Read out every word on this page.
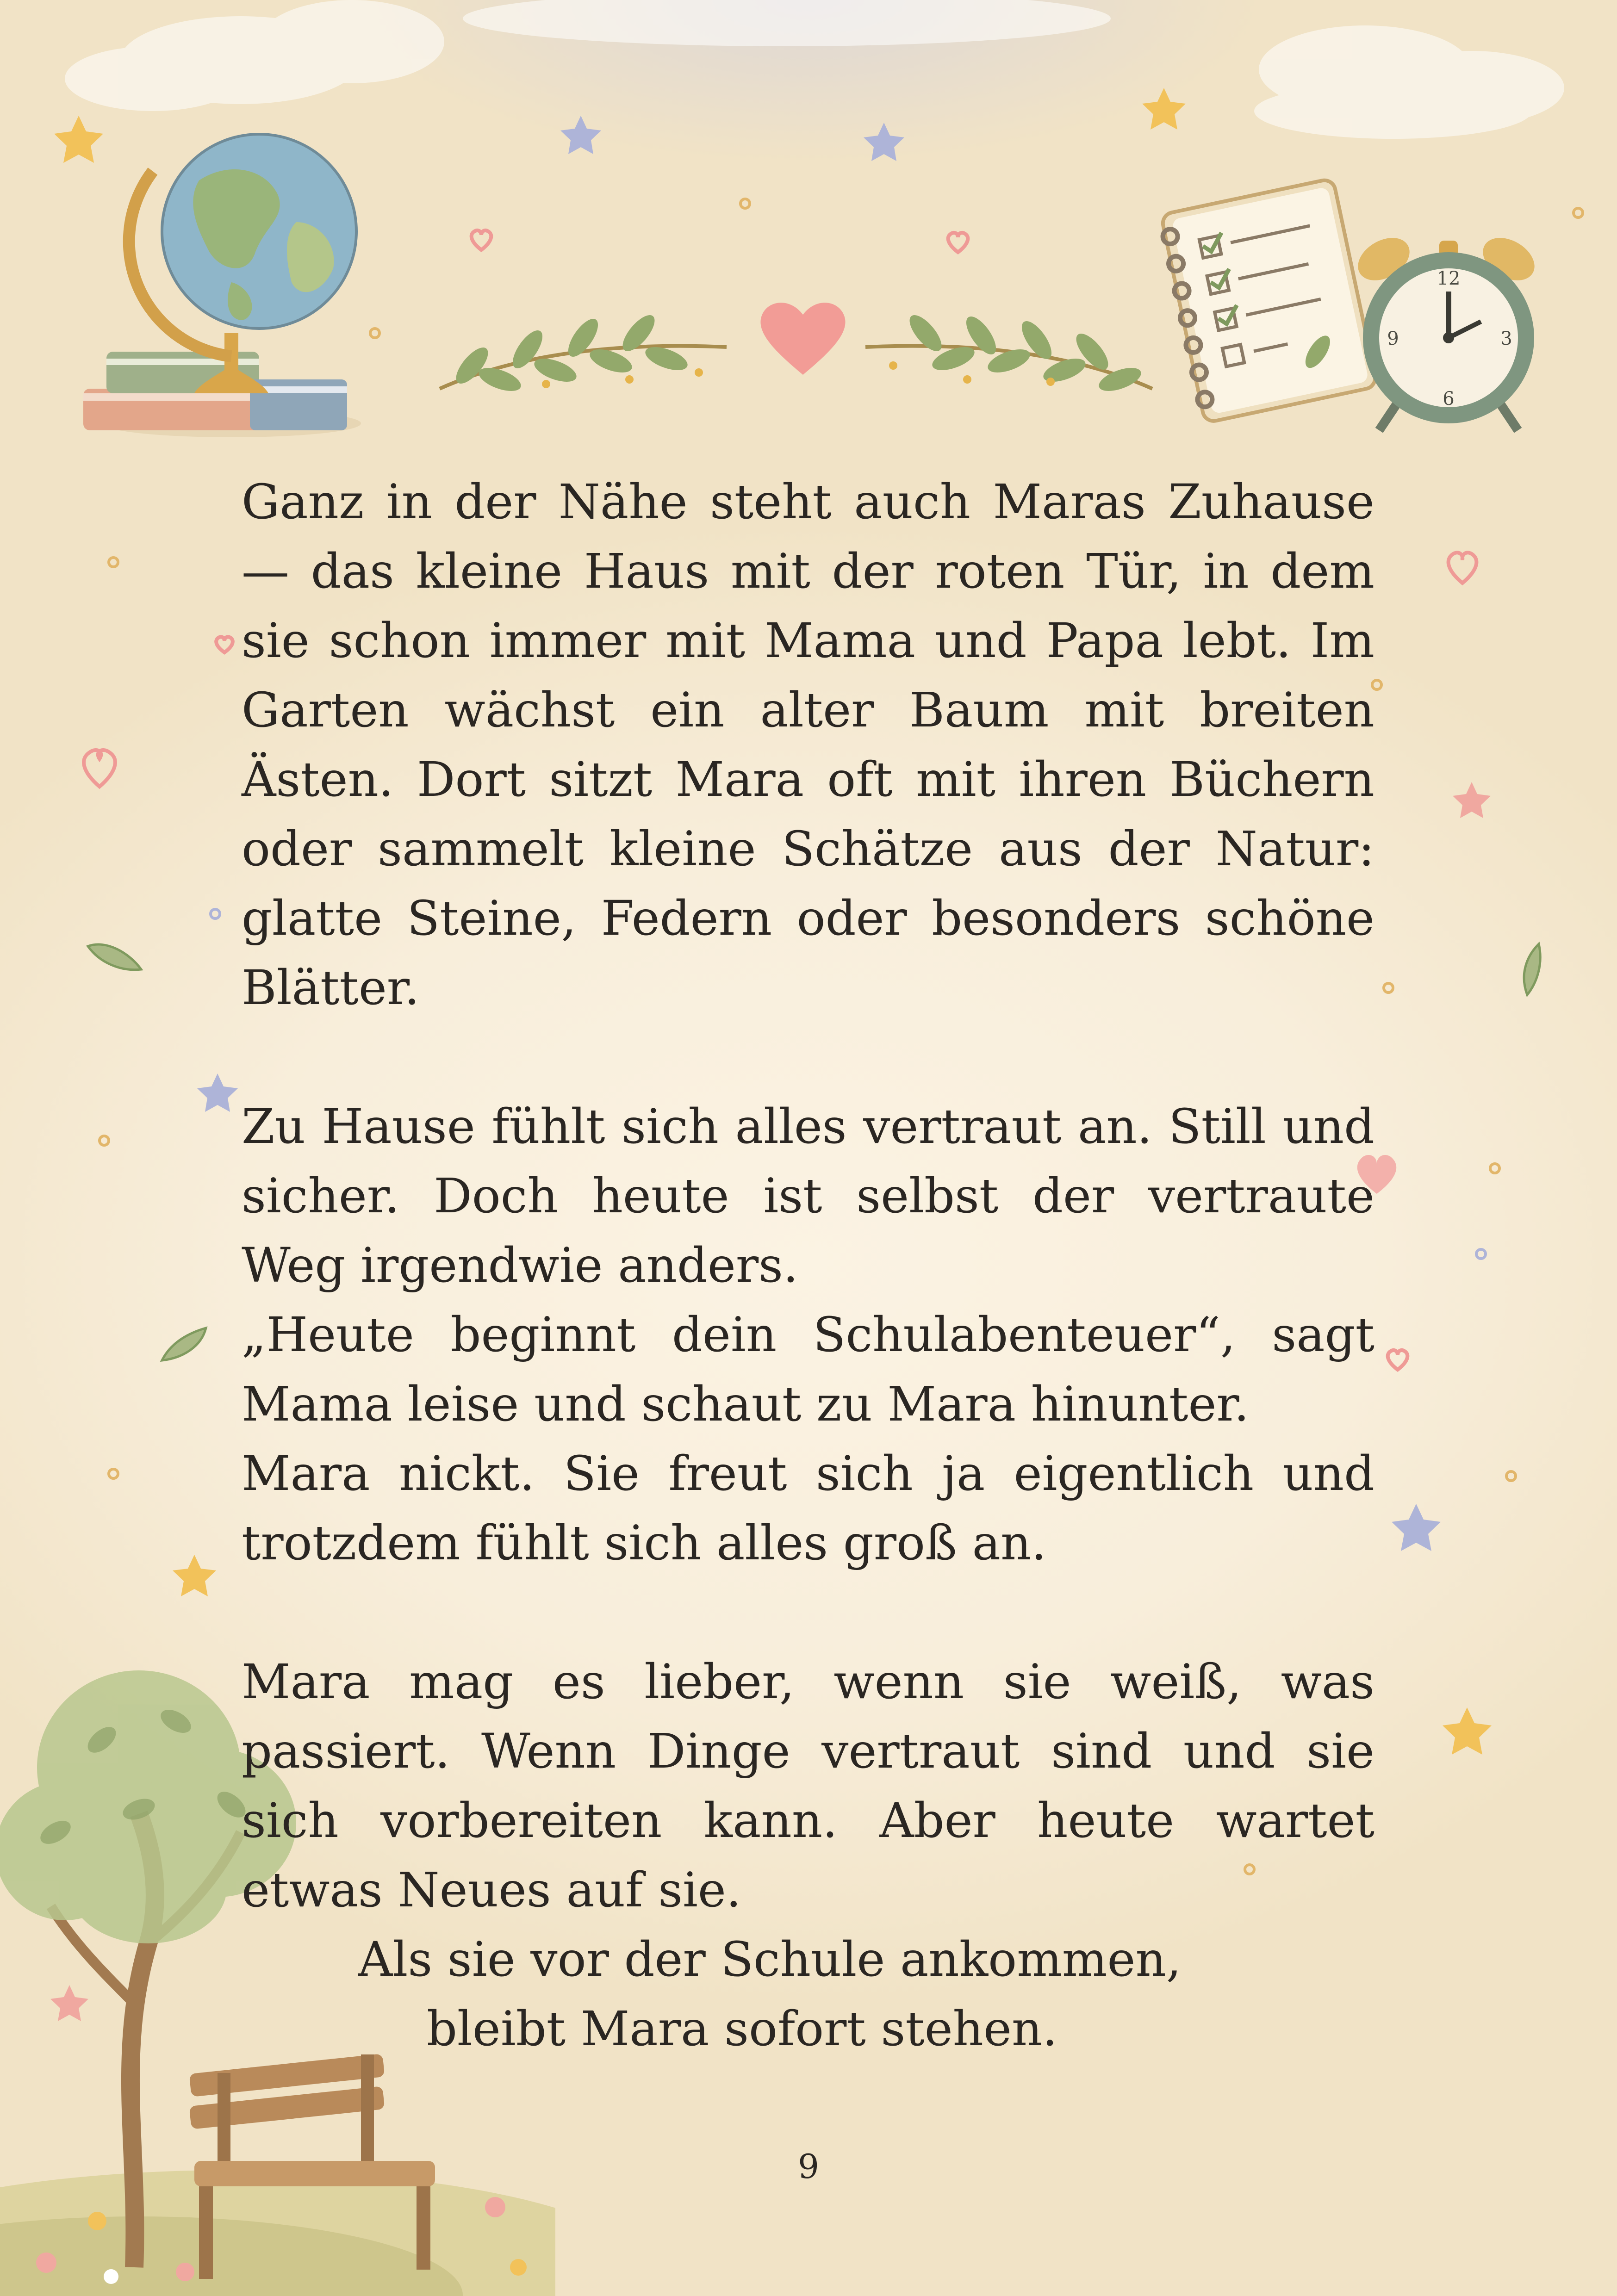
12
3
6
9

Ganz in der Nähe steht auch Maras Zuhause — das kleine Haus mit der roten Tür, in dem sie schon immer mit Mama und Papa lebt. Im Garten wächst ein alter Baum mit breiten Ästen. Dort sitzt Mara oft mit ihren Büchern oder sammelt kleine Schätze aus der Natur: glatte Steine, Federn oder besonders schöne Blätter.

Zu Hause fühlt sich alles vertraut an. Still und sicher. Doch heute ist selbst der vertraute Weg irgendwie anders.

„Heute beginnt dein Schulabenteuer“, sagt Mama leise und schaut zu Mara hinunter.

Mara nickt. Sie freut sich ja eigentlich und trotzdem fühlt sich alles groß an.

Mara mag es lieber, wenn sie weiß, was passiert. Wenn Dinge vertraut sind und sie sich vorbereiten kann. Aber heute wartet etwas Neues auf sie.

Als sie vor der Schule ankommen,

bleibt Mara sofort stehen.

9
